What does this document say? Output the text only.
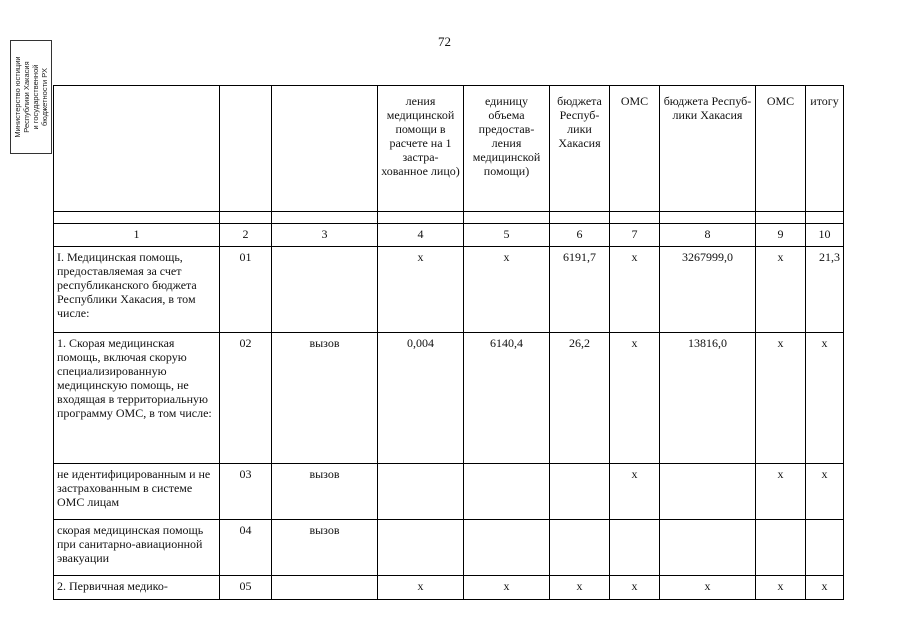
72
Министерство юстиции Республики Хакасия и государственной бюджетности РХ
				ления медицинской помощи в расчете на 1 застра-хованное лицо)	единицу объема предостав-ления медицинской помощи)	бюджета Респуб-лики Хакасия	ОМС	бюджета Респуб-лики Хакасия	ОМС	итогу

1	2	3	4	5	6	7	8	9	10
I. Медицинская помощь, предоставляемая за счет республиканского бюджета Республики Хакасия, в том числе:	01		х	х	6191,7	х	3267999,0	х	21,3
1. Скорая медицинская помощь, включая скорую специализированную медицинскую помощь, не входящая в территориальную программу ОМС, в том числе:	02	вызов	0,004	6140,4	26,2	х	13816,0	х	х
не идентифицированным и не застрахованным в системе ОМС лицам	03	вызов				х		х	х
скорая медицинская помощь при санитарно-авиационной эвакуации	04	вызов							
2. Первичная медико-	05		х	х	х	х	х	х	х
